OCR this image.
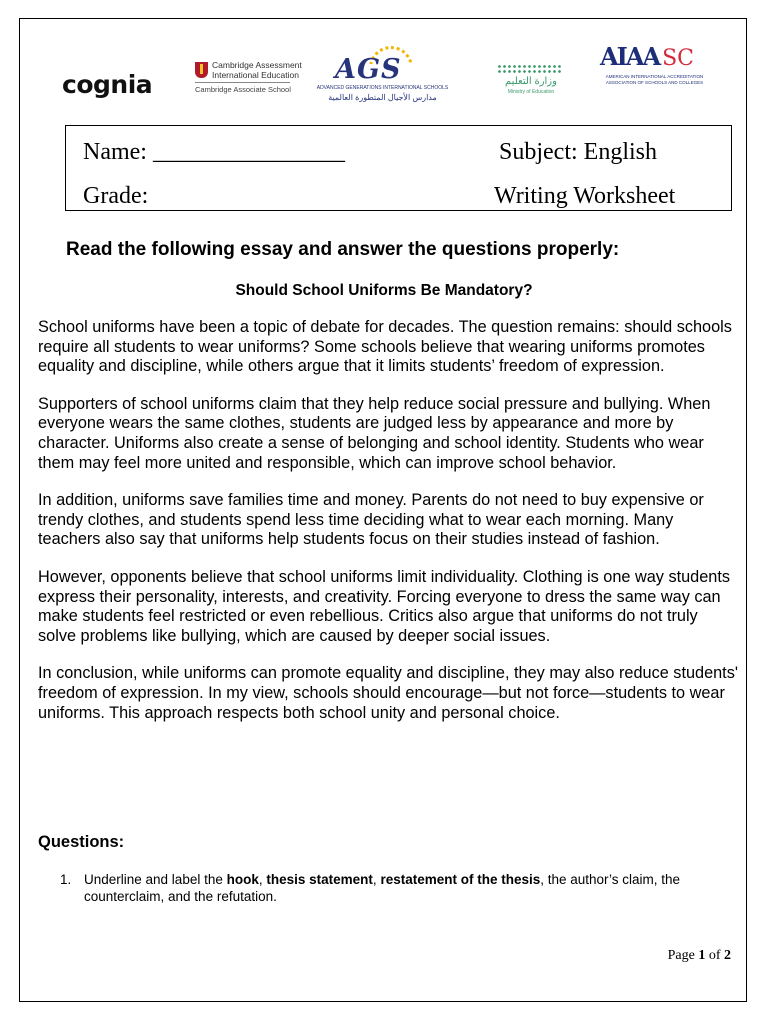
cognia
Cambridge Assessment
International Education
Cambridge Associate School
AGS
ADVANCED GENERATIONS INTERNATIONAL SCHOOLS
مدارس الأجيال المتطورة العالمية
وزارة التعليم
Ministry of Education
AIAA SC
AMERICAN INTERNATIONAL ACCREDITATION ASSOCIATION OF SCHOOLS AND COLLEGES
Name: ________________	Subject: English
Grade:	Writing Worksheet
Read the following essay and answer the questions properly:
Should School Uniforms Be Mandatory?

School uniforms have been a topic of debate for decades. The question remains: should schools require all students to wear uniforms? Some schools believe that wearing uniforms promotes equality and discipline, while others argue that it limits students’ freedom of expression.

Supporters of school uniforms claim that they help reduce social pressure and bullying. When everyone wears the same clothes, students are judged less by appearance and more by character. Uniforms also create a sense of belonging and school identity. Students who wear them may feel more united and responsible, which can improve school behavior.

In addition, uniforms save families time and money. Parents do not need to buy expensive or trendy clothes, and students spend less time deciding what to wear each morning. Many teachers also say that uniforms help students focus on their studies instead of fashion.

However, opponents believe that school uniforms limit individuality. Clothing is one way students express their personality, interests, and creativity. Forcing everyone to dress the same way can make students feel restricted or even rebellious. Critics also argue that uniforms do not truly solve problems like bullying, which are caused by deeper social issues.

In conclusion, while uniforms can promote equality and discipline, they may also reduce students' freedom of expression. In my view, schools should encourage—but not force—students to wear uniforms. This approach respects both school unity and personal choice.

Questions:
1. Underline and label the hook, thesis statement, restatement of the thesis, the author’s claim, the counterclaim, and the refutation.
Page 1 of 2
